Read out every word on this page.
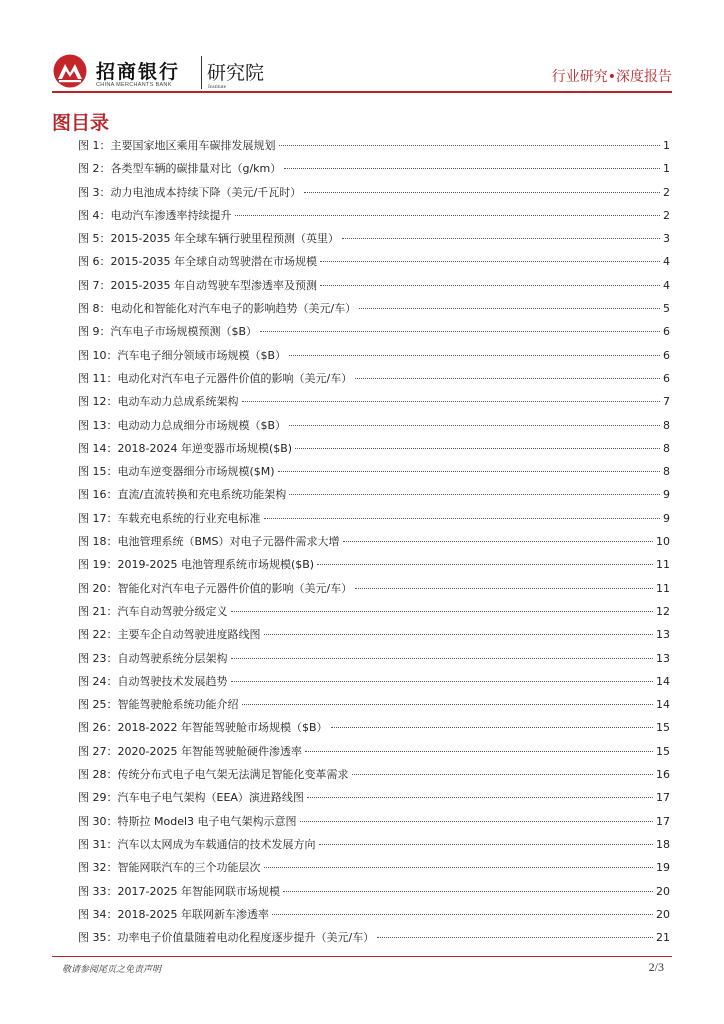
招商银行
CHINA MERCHANTS BANK
研究院
Institute
行业研究•深度报告
图目录
图 1：主要国家地区乘用车碳排发展规划	1
图 2：各类型车辆的碳排量对比（g/km）	1
图 3：动力电池成本持续下降（美元/千瓦时）	2
图 4：电动汽车渗透率持续提升	2
图 5：2015-2035 年全球车辆行驶里程预测（英里）	3
图 6：2015-2035 年全球自动驾驶潜在市场规模	4
图 7：2015-2035 年自动驾驶车型渗透率及预测	4
图 8：电动化和智能化对汽车电子的影响趋势（美元/车）	5
图 9：汽车电子市场规模预测（$B）	6
图 10：汽车电子细分领域市场规模（$B）	6
图 11：电动化对汽车电子元器件价值的影响（美元/车）	6
图 12：电动车动力总成系统架构	7
图 13：电动动力总成细分市场规模（$B）	8
图 14：2018-2024 年逆变器市场规模($B)	8
图 15：电动车逆变器细分市场规模($M)	8
图 16：直流/直流转换和充电系统功能架构	9
图 17：车载充电系统的行业充电标准	9
图 18：电池管理系统（BMS）对电子元器件需求大增	10
图 19：2019-2025 电池管理系统市场规模($B)	11
图 20：智能化对汽车电子元器件价值的影响（美元/车）	11
图 21：汽车自动驾驶分级定义	12
图 22：主要车企自动驾驶进度路线图	13
图 23：自动驾驶系统分层架构	13
图 24：自动驾驶技术发展趋势	14
图 25：智能驾驶舱系统功能介绍	14
图 26：2018-2022 年智能驾驶舱市场规模（$B）	15
图 27：2020-2025 年智能驾驶舱硬件渗透率	15
图 28：传统分布式电子电气架无法满足智能化变革需求	16
图 29：汽车电子电气架构（EEA）演进路线图	17
图 30：特斯拉 Model3 电子电气架构示意图	17
图 31：汽车以太网成为车载通信的技术发展方向	18
图 32：智能网联汽车的三个功能层次	19
图 33：2017-2025 年智能网联市场规模	20
图 34：2018-2025 年联网新车渗透率	20
图 35：功率电子价值量随着电动化程度逐步提升（美元/车）	21
敬请参阅尾页之免责声明	2/3
